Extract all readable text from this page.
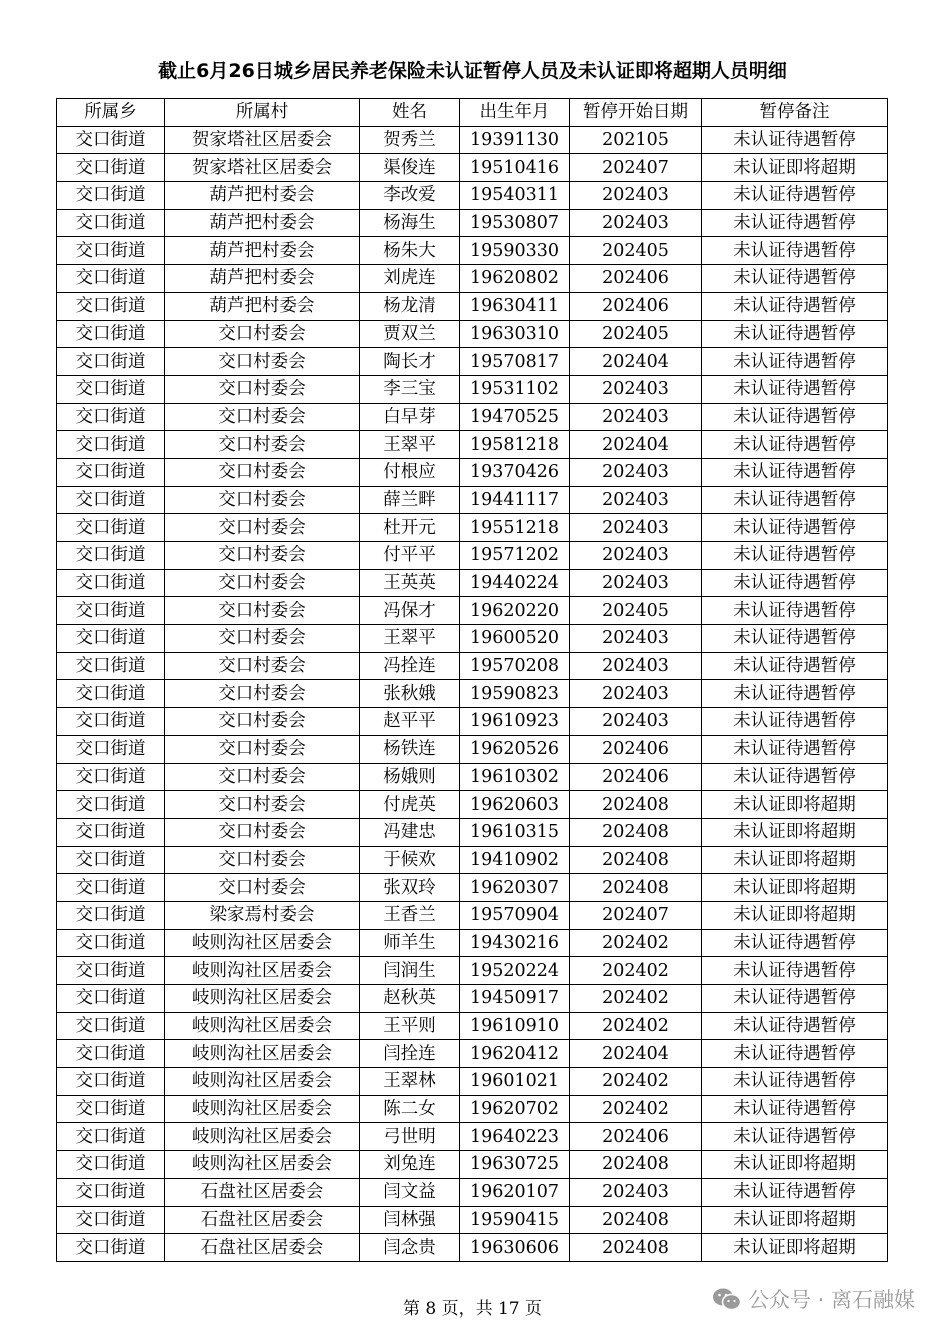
截止6月26日城乡居民养老保险未认证暂停人员及未认证即将超期人员明细
所属乡	所属村	姓名	出生年月	暂停开始日期	暂停备注
交口街道	贺家塔社区居委会	贺秀兰	19391130	202105	未认证待遇暂停
交口街道	贺家塔社区居委会	渠俊连	19510416	202407	未认证即将超期
交口街道	葫芦把村委会	李改爱	19540311	202403	未认证待遇暂停
交口街道	葫芦把村委会	杨海生	19530807	202403	未认证待遇暂停
交口街道	葫芦把村委会	杨朱大	19590330	202405	未认证待遇暂停
交口街道	葫芦把村委会	刘虎连	19620802	202406	未认证待遇暂停
交口街道	葫芦把村委会	杨龙清	19630411	202406	未认证待遇暂停
交口街道	交口村委会	贾双兰	19630310	202405	未认证待遇暂停
交口街道	交口村委会	陶长才	19570817	202404	未认证待遇暂停
交口街道	交口村委会	李三宝	19531102	202403	未认证待遇暂停
交口街道	交口村委会	白早芽	19470525	202403	未认证待遇暂停
交口街道	交口村委会	王翠平	19581218	202404	未认证待遇暂停
交口街道	交口村委会	付根应	19370426	202403	未认证待遇暂停
交口街道	交口村委会	薛兰畔	19441117	202403	未认证待遇暂停
交口街道	交口村委会	杜开元	19551218	202403	未认证待遇暂停
交口街道	交口村委会	付平平	19571202	202403	未认证待遇暂停
交口街道	交口村委会	王英英	19440224	202403	未认证待遇暂停
交口街道	交口村委会	冯保才	19620220	202405	未认证待遇暂停
交口街道	交口村委会	王翠平	19600520	202403	未认证待遇暂停
交口街道	交口村委会	冯拴连	19570208	202403	未认证待遇暂停
交口街道	交口村委会	张秋娥	19590823	202403	未认证待遇暂停
交口街道	交口村委会	赵平平	19610923	202403	未认证待遇暂停
交口街道	交口村委会	杨铁连	19620526	202406	未认证待遇暂停
交口街道	交口村委会	杨娥则	19610302	202406	未认证待遇暂停
交口街道	交口村委会	付虎英	19620603	202408	未认证即将超期
交口街道	交口村委会	冯建忠	19610315	202408	未认证即将超期
交口街道	交口村委会	于候欢	19410902	202408	未认证即将超期
交口街道	交口村委会	张双玲	19620307	202408	未认证即将超期
交口街道	梁家焉村委会	王香兰	19570904	202407	未认证即将超期
交口街道	岐则沟社区居委会	师羊生	19430216	202402	未认证待遇暂停
交口街道	岐则沟社区居委会	闫润生	19520224	202402	未认证待遇暂停
交口街道	岐则沟社区居委会	赵秋英	19450917	202402	未认证待遇暂停
交口街道	岐则沟社区居委会	王平则	19610910	202402	未认证待遇暂停
交口街道	岐则沟社区居委会	闫拴连	19620412	202404	未认证待遇暂停
交口街道	岐则沟社区居委会	王翠林	19601021	202402	未认证待遇暂停
交口街道	岐则沟社区居委会	陈二女	19620702	202402	未认证待遇暂停
交口街道	岐则沟社区居委会	弓世明	19640223	202406	未认证待遇暂停
交口街道	岐则沟社区居委会	刘兔连	19630725	202408	未认证即将超期
交口街道	石盘社区居委会	闫文益	19620107	202403	未认证待遇暂停
交口街道	石盘社区居委会	闫林强	19590415	202408	未认证即将超期
交口街道	石盘社区居委会	闫念贵	19630606	202408	未认证即将超期
第 8 页，共 17 页	公众号 · 离石融媒
